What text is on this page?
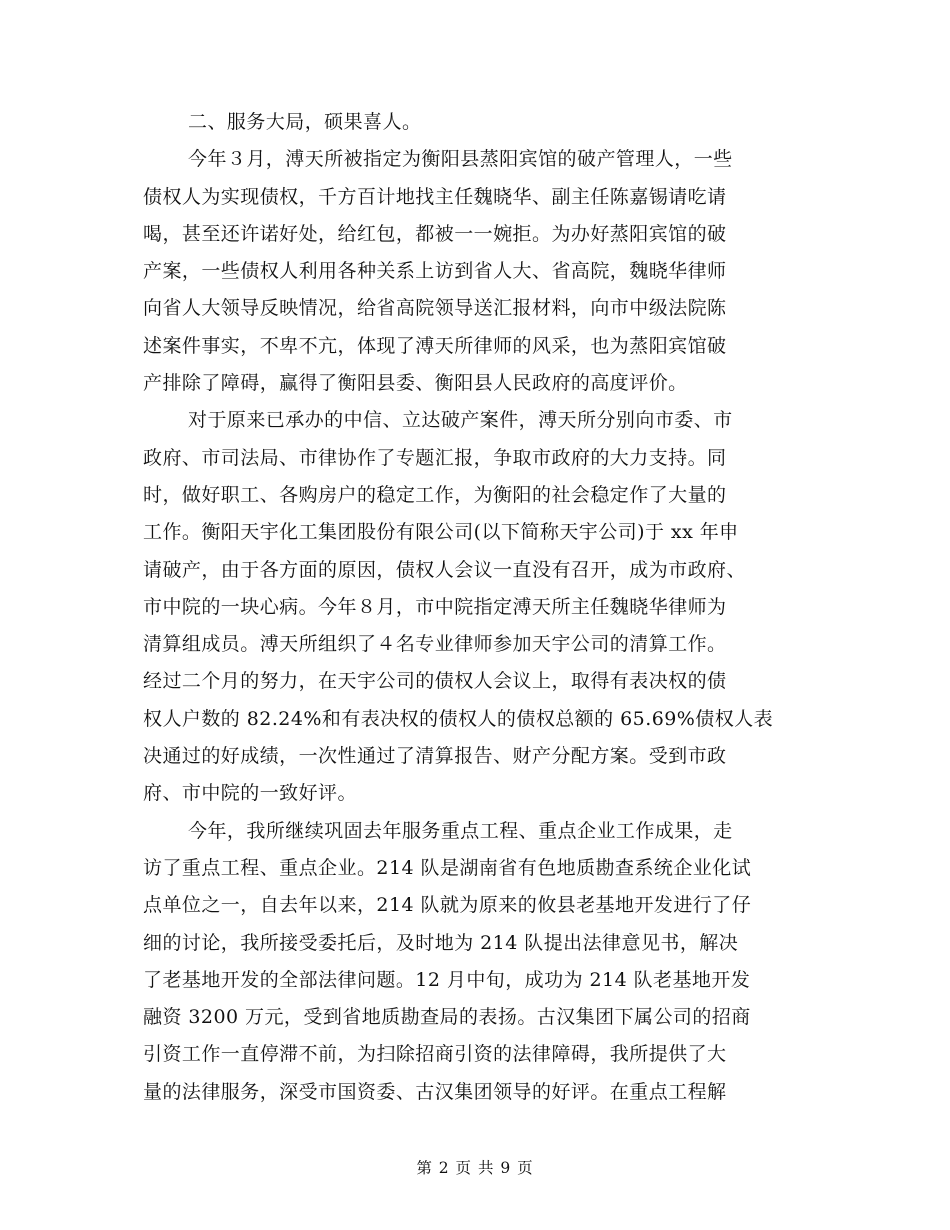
二、服务大局，硕果喜人。
今年３月，溥天所被指定为衡阳县蒸阳宾馆的破产管理人，一些
债权人为实现债权，千方百计地找主任魏晓华、副主任陈嘉锡请吃请
喝，甚至还许诺好处，给红包，都被一一婉拒。为办好蒸阳宾馆的破
产案，一些债权人利用各种关系上访到省人大、省高院，魏晓华律师
向省人大领导反映情况，给省高院领导送汇报材料，向市中级法院陈
述案件事实，不卑不亢，体现了溥天所律师的风采，也为蒸阳宾馆破
产排除了障碍，赢得了衡阳县委、衡阳县人民政府的高度评价。
对于原来已承办的中信、立达破产案件，溥天所分别向市委、市
政府、市司法局、市律协作了专题汇报，争取市政府的大力支持。同
时，做好职工、各购房户的稳定工作，为衡阳的社会稳定作了大量的
工作。衡阳天宇化工集团股份有限公司(以下简称天宇公司)于 xx 年申
请破产，由于各方面的原因，债权人会议一直没有召开，成为市政府、
市中院的一块心病。今年８月，市中院指定溥天所主任魏晓华律师为
清算组成员。溥天所组织了４名专业律师参加天宇公司的清算工作。
经过二个月的努力，在天宇公司的债权人会议上，取得有表决权的债
权人户数的 82.24%和有表决权的债权人的债权总额的 65.69%债权人表
决通过的好成绩，一次性通过了清算报告、财产分配方案。受到市政
府、市中院的一致好评。
今年，我所继续巩固去年服务重点工程、重点企业工作成果，走
访了重点工程、重点企业。214 队是湖南省有色地质勘查系统企业化试
点单位之一，自去年以来，214 队就为原来的攸县老基地开发进行了仔
细的讨论，我所接受委托后，及时地为 214 队提出法律意见书，解决
了老基地开发的全部法律问题。12 月中旬，成功为 214 队老基地开发
融资 3200 万元，受到省地质勘查局的表扬。古汉集团下属公司的招商
引资工作一直停滞不前，为扫除招商引资的法律障碍，我所提供了大
量的法律服务，深受市国资委、古汉集团领导的好评。在重点工程解
第 2 页 共 9 页
